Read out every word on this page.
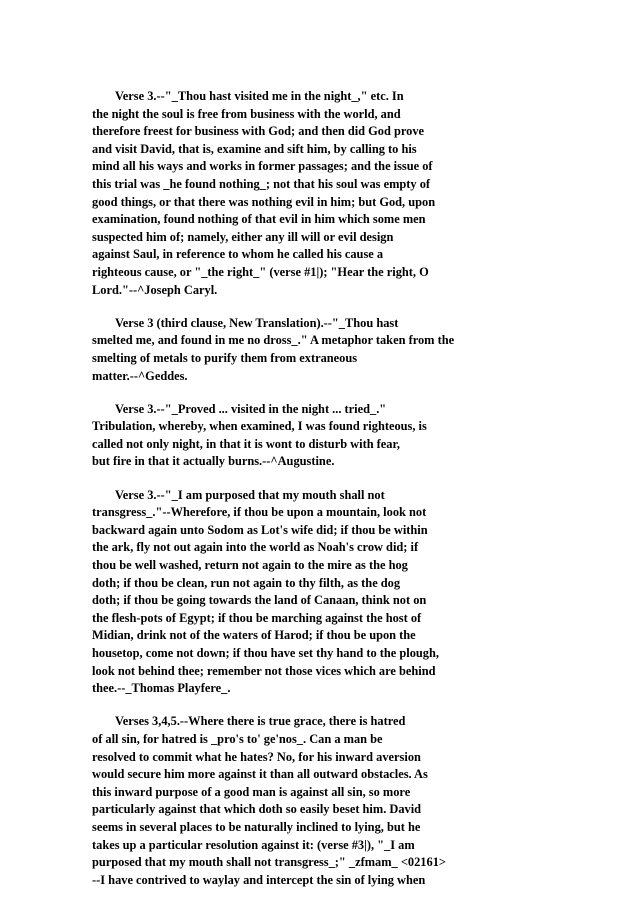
Verse 3.--"_Thou hast visited me in the night_," etc. In
the night the soul is free from business with the world, and
therefore freest for business with God; and then did God prove
and visit David, that is, examine and sift him, by calling to his
mind all his ways and works in former passages; and the issue of
this trial was _he found nothing_; not that his soul was empty of
good things, or that there was nothing evil in him; but God, upon
examination, found nothing of that evil in him which some men
suspected him of; namely, either any ill will or evil design
against Saul, in reference to whom he called his cause a
righteous cause, or "_the right_" (verse #1|); "Hear the right, O
Lord."--^Joseph Caryl.
Verse 3 (third clause, New Translation).--"_Thou hast
smelted me, and found in me no dross_." A metaphor taken from the
smelting of metals to purify them from extraneous
matter.--^Geddes.
Verse 3.--"_Proved ... visited in the night ... tried_."
Tribulation, whereby, when examined, I was found righteous, is
called not only night, in that it is wont to disturb with fear,
but fire in that it actually burns.--^Augustine.
Verse 3.--"_I am purposed that my mouth shall not
transgress_."--Wherefore, if thou be upon a mountain, look not
backward again unto Sodom as Lot's wife did; if thou be within
the ark, fly not out again into the world as Noah's crow did; if
thou be well washed, return not again to the mire as the hog
doth; if thou be clean, run not again to thy filth, as the dog
doth; if thou be going towards the land of Canaan, think not on
the flesh-pots of Egypt; if thou be marching against the host of
Midian, drink not of the waters of Harod; if thou be upon the
housetop, come not down; if thou have set thy hand to the plough,
look not behind thee; remember not those vices which are behind
thee.--_Thomas Playfere_.
Verses 3,4,5.--Where there is true grace, there is hatred
of all sin, for hatred is _pro's to' ge'nos_. Can a man be
resolved to commit what he hates? No, for his inward aversion
would secure him more against it than all outward obstacles. As
this inward purpose of a good man is against all sin, so more
particularly against that which doth so easily beset him. David
seems in several places to be naturally inclined to lying, but he
takes up a particular resolution against it: (verse #3|), "_I am
purposed that my mouth shall not transgress_;" _zfmam_ <02161>
--I have contrived to waylay and intercept the sin of lying when
